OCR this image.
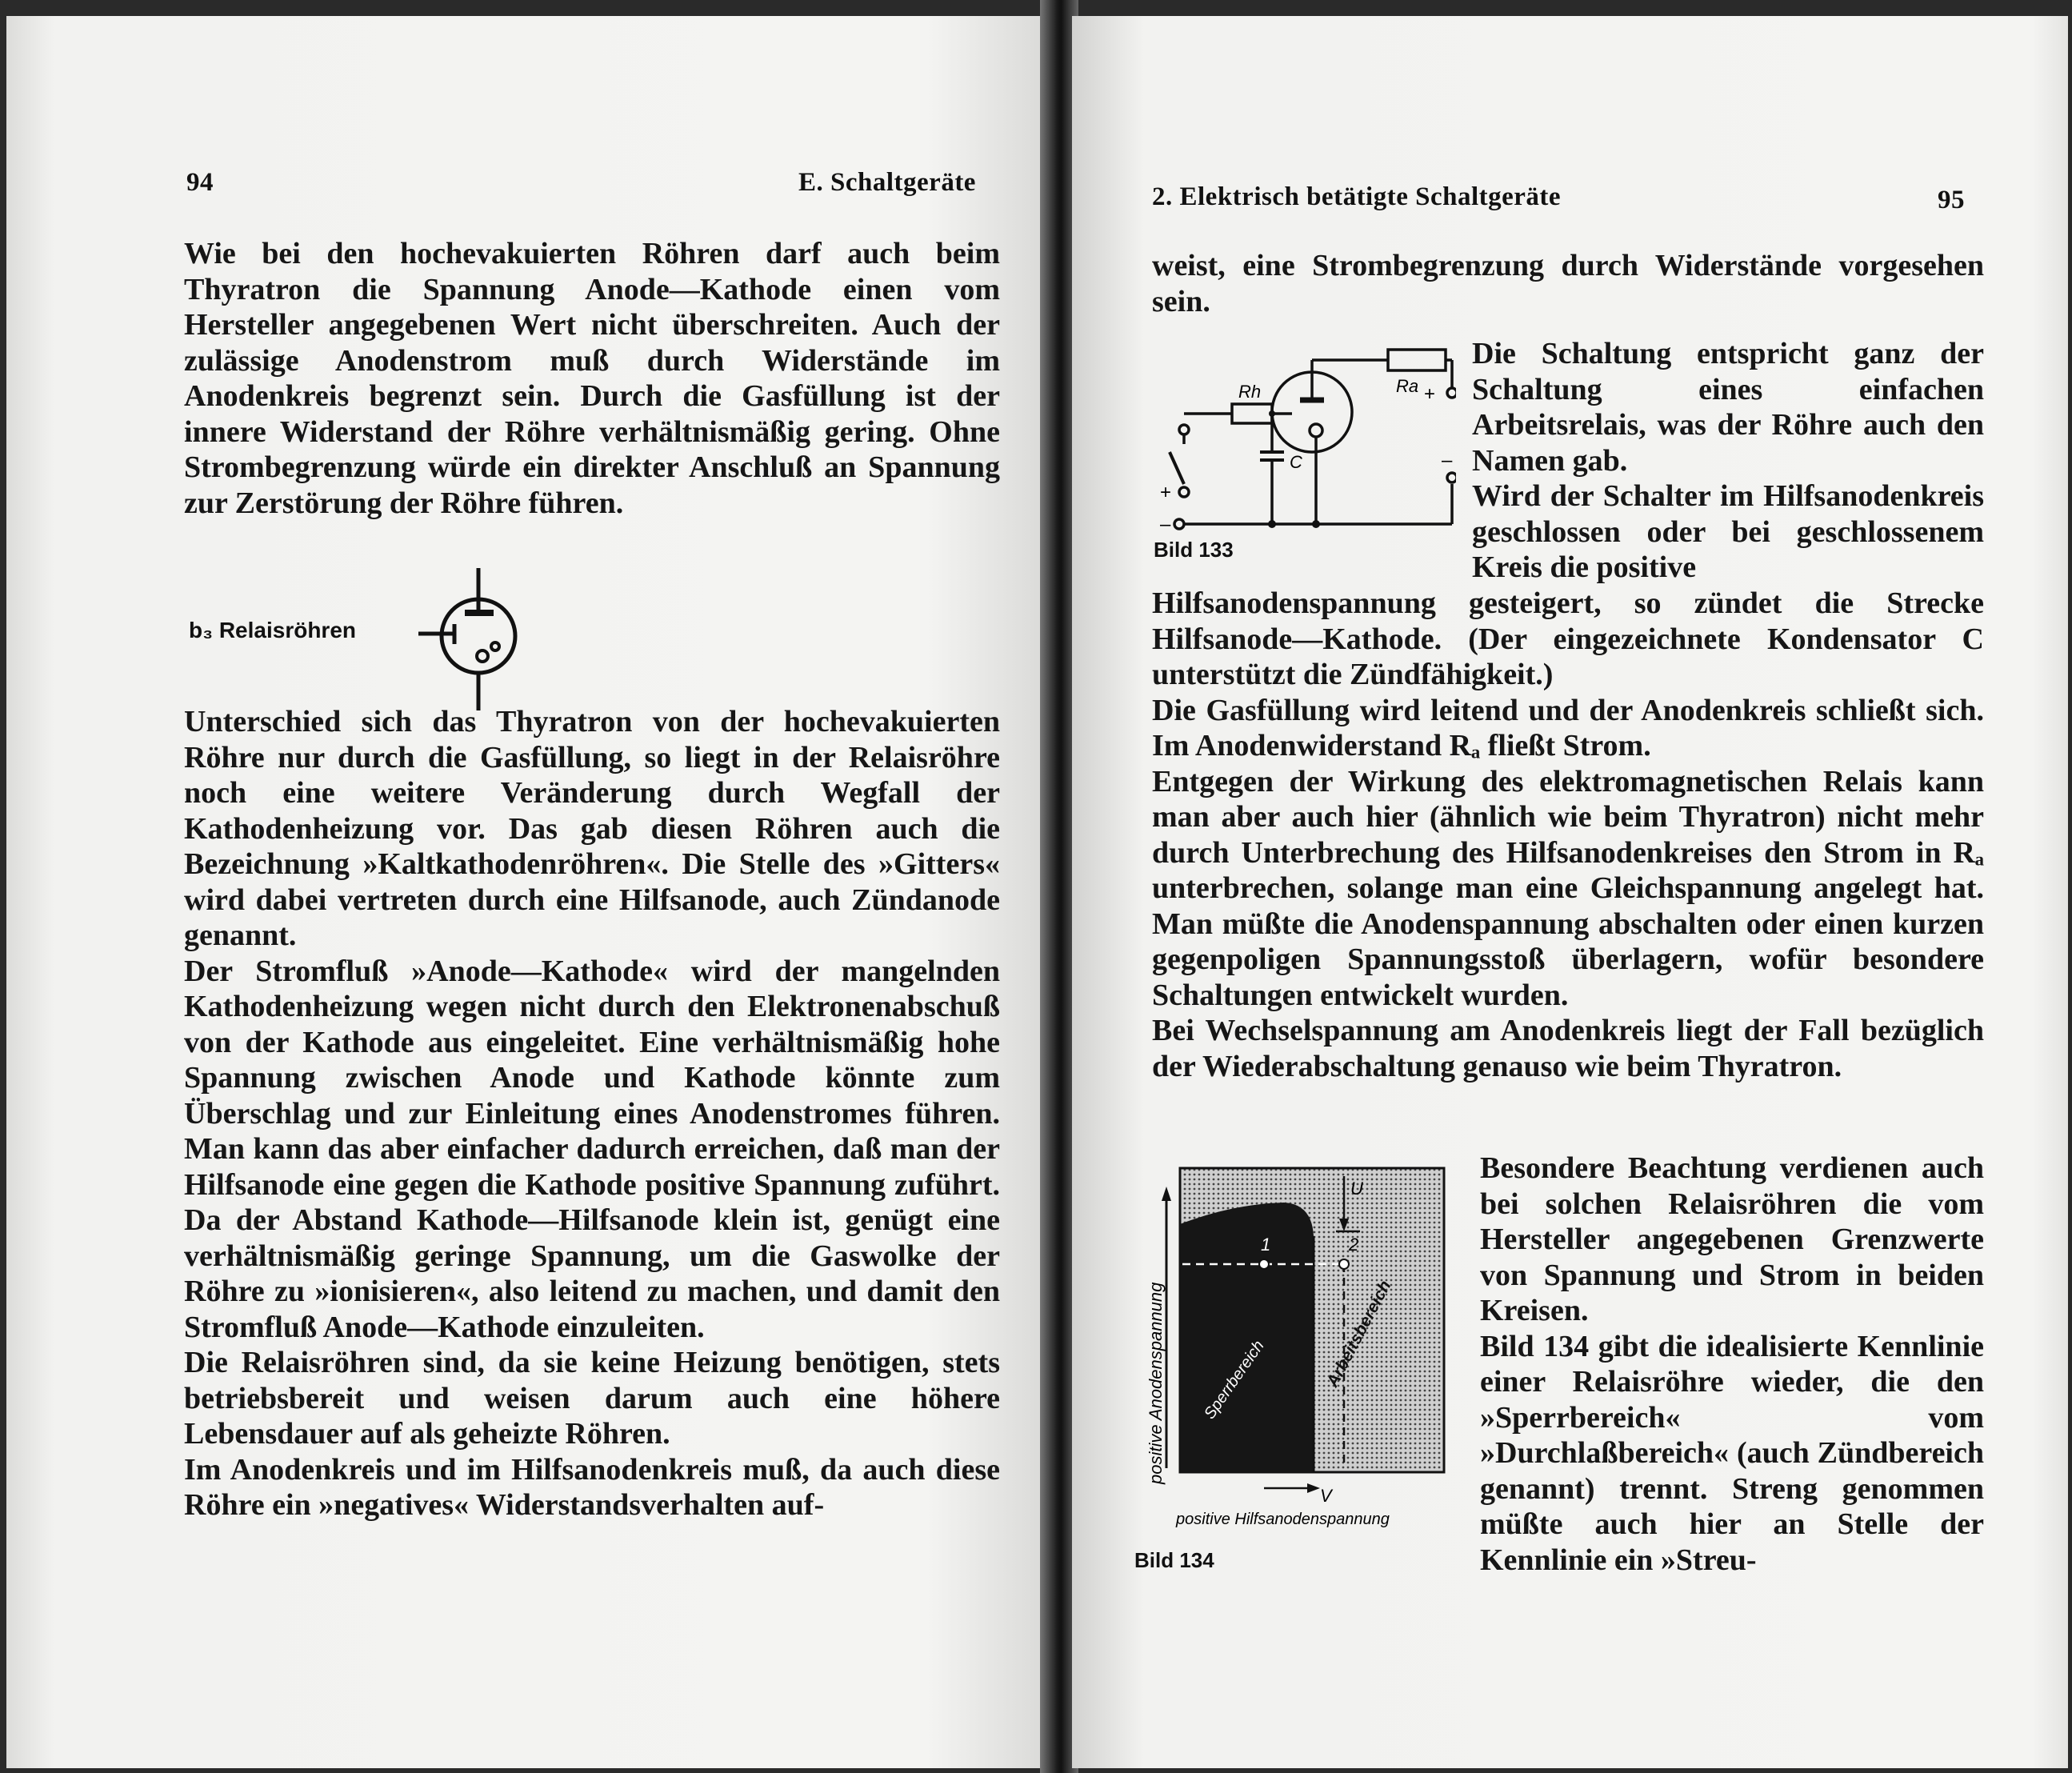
94	E. Schaltgeräte

Wie bei den hochevakuierten Röhren darf auch beim Thyratron die Spannung Anode—Kathode einen vom Hersteller angegebenen Wert nicht überschreiten. Auch der zulässige Anodenstrom muß durch Widerstände im Anodenkreis begrenzt sein. Durch die Gasfüllung ist der innere Widerstand der Röhre verhältnismäßig gering. Ohne Strombegrenzung würde ein direkter Anschluß an Spannung zur Zerstörung der Röhre führen.

b₃ Relaisröhren

Unterschied sich das Thyratron von der hochevakuierten Röhre nur durch die Gasfüllung, so liegt in der Relaisröhre noch eine weitere Veränderung durch Wegfall der Kathodenheizung vor. Das gab diesen Röhren auch die Bezeichnung »Kaltkathodenröhren«. Die Stelle des »Gitters« wird dabei vertreten durch eine Hilfsanode, auch Zündanode genannt.

Der Stromfluß »Anode—Kathode« wird der mangelnden Kathodenheizung wegen nicht durch den Elektronenabschuß von der Kathode aus eingeleitet. Eine verhältnismäßig hohe Spannung zwischen Anode und Kathode könnte zum Überschlag und zur Einleitung eines Anodenstromes führen. Man kann das aber einfacher dadurch erreichen, daß man der Hilfsanode eine gegen die Kathode positive Spannung zuführt. Da der Abstand Kathode—Hilfsanode klein ist, genügt eine verhältnismäßig geringe Spannung, um die Gaswolke der Röhre zu »ionisieren«, also leitend zu machen, und damit den Stromfluß Anode—Kathode einzuleiten.

Die Relaisröhren sind, da sie keine Heizung benötigen, stets betriebsbereit und weisen darum auch eine höhere Lebensdauer auf als geheizte Röhren.

Im Anodenkreis und im Hilfsanodenkreis muß, da auch diese Röhre ein »negatives« Widerstandsverhalten auf-

2. Elektrisch betätigte Schaltgeräte	95

weist, eine Strombegrenzung durch Widerstände vorgesehen sein.

Rh	Ra
C
+
–
+
–
Bild 133

Die Schaltung entspricht ganz der Schaltung eines einfachen Arbeitsrelais, was der Röhre auch den Namen gab.

Wird der Schalter im Hilfsanodenkreis geschlossen oder bei geschlossenem Kreis die positive

Hilfsanodenspannung gesteigert, so zündet die Strecke Hilfsanode—Kathode. (Der eingezeichnete Kondensator C unterstützt die Zündfähigkeit.)

Die Gasfüllung wird leitend und der Anodenkreis schließt sich. Im Anodenwiderstand Rₐ fließt Strom.

Entgegen der Wirkung des elektromagnetischen Relais kann man aber auch hier (ähnlich wie beim Thyratron) nicht mehr durch Unterbrechung des Hilfsanodenkreises den Strom in Rₐ unterbrechen, solange man eine Gleichspannung angelegt hat. Man müßte die Anodenspannung abschalten oder einen kurzen gegenpoligen Spannungsstoß überlagern, wofür besondere Schaltungen entwickelt wurden.

Bei Wechselspannung am Anodenkreis liegt der Fall bezüglich der Wiederabschaltung genauso wie beim Thyratron.

U
1	2
Sperrbereich	Arbeitsbereich
positive Anodenspannung
V
positive Hilfsanodenspannung
Bild 134

Besondere Beachtung verdienen auch bei solchen Relaisröhren die vom Hersteller angegebenen Grenzwerte von Spannung und Strom in beiden Kreisen.

Bild 134 gibt die idealisierte Kennlinie einer Relaisröhre wieder, die den »Sperrbereich« vom »Durchlaßbereich« (auch Zündbereich genannt) trennt. Streng genommen müßte auch hier an Stelle der Kennlinie ein »Streu-
